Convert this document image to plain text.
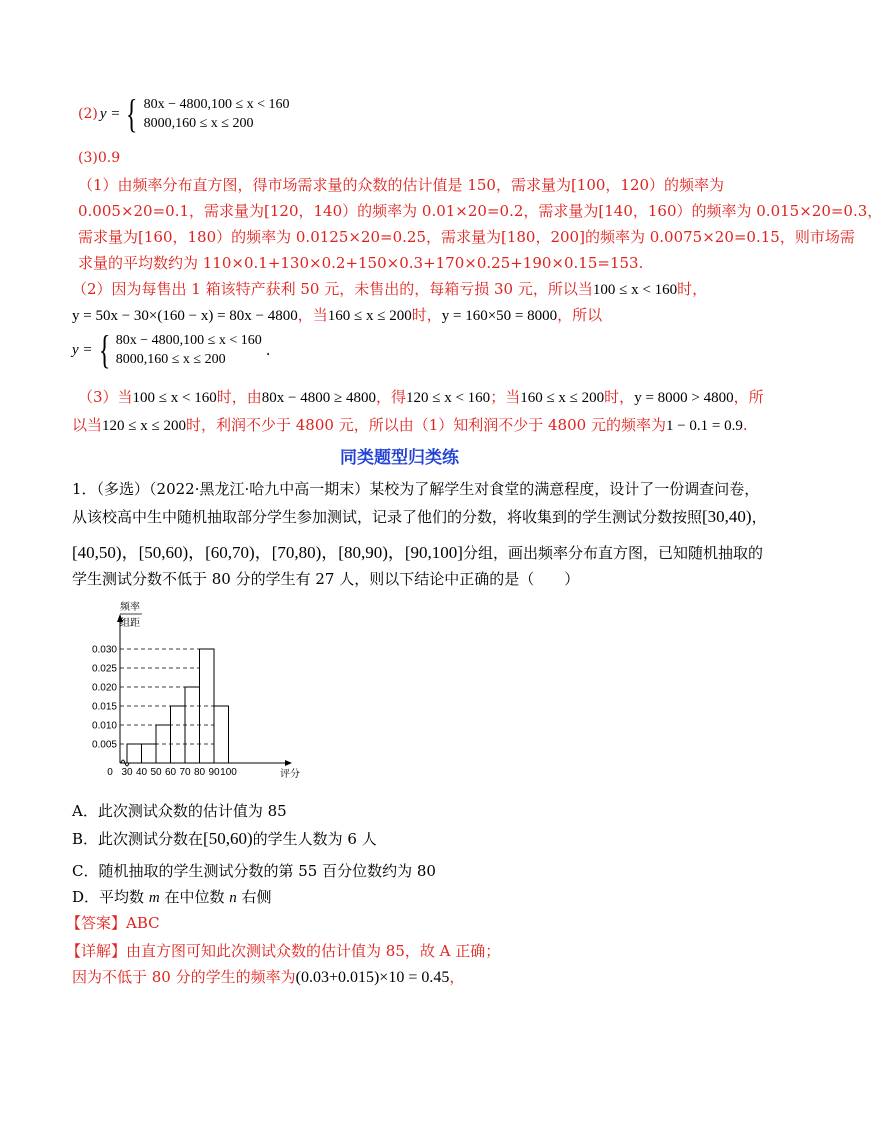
(2) y = { 80x − 4800,100 ≤ x < 160
8000,160 ≤ x ≤ 200
(3)0.9
（1）由频率分布直方图，得市场需求量的众数的估计值是 150，需求量为[100，120）的频率为
0.005×20=0.1，需求量为[120，140）的频率为 0.01×20=0.2，需求量为[140，160）的频率为 0.015×20=0.3，
需求量为[160，180）的频率为 0.0125×20=0.25，需求量为[180，200]的频率为 0.0075×20=0.15，则市场需
求量的平均数约为 110×0.1+130×0.2+150×0.3+170×0.25+190×0.15=153.
（2）因为每售出 1 箱该特产获利 50 元，未售出的，每箱亏损 30 元，所以当100 ≤ x < 160时，
y = 50x − 30×(160 − x) = 80x − 4800，当160 ≤ x ≤ 200时，y = 160×50 = 8000，所以
y = { 80x − 4800,100 ≤ x < 160
8000,160 ≤ x ≤ 200
.
（3）当100 ≤ x < 160时，由80x − 4800 ≥ 4800，得120 ≤ x < 160；当160 ≤ x ≤ 200时，y = 8000 > 4800，所
以当120 ≤ x ≤ 200时，利润不少于 4800 元，所以由（1）知利润不少于 4800 元的频率为1 − 0.1 = 0.9.
同类题型归类练
1．（多选）（2022·黑龙江·哈九中高一期末）某校为了解学生对食堂的满意程度，设计了一份调查问卷，
从该校高中生中随机抽取部分学生参加测试，记录了他们的分数，将收集到的学生测试分数按照[30,40)，
[40,50)，[50,60)，[60,70)，[70,80)，[80,90)，[90,100]分组，画出频率分布直方图，已知随机抽取的
学生测试分数不低于 80 分的学生有 27 人，则以下结论中正确的是（　　）
0.005
0.010
0.015
0.020
0.025
0.030
30 40 50 60 70 80 90 100
0	评分
频率
组距
A．此次测试众数的估计值为 85
B．此次测试分数在[50,60)的学生人数为 6 人
C．随机抽取的学生测试分数的第 55 百分位数约为 80
D．平均数 m 在中位数 n 右侧
【答案】ABC
【详解】由直方图可知此次测试众数的估计值为 85，故 A 正确；
因为不低于 80 分的学生的频率为(0.03+0.015)×10 = 0.45，
